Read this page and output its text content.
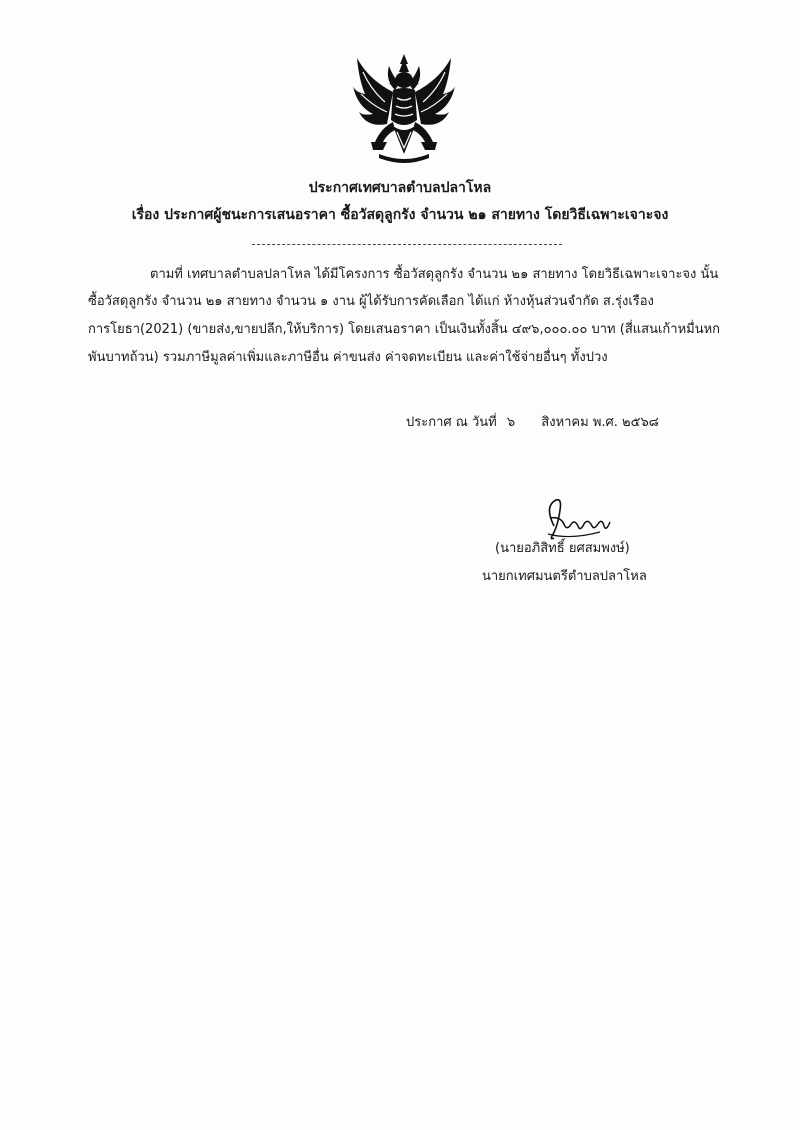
ประกาศเทศบาลตำบลปลาโหล
เรื่อง ประกาศผู้ชนะการเสนอราคา ซื้อวัสดุลูกรัง จำนวน ๒๑ สายทาง โดยวิธีเฉพาะเจาะจง
ตามที่ เทศบาลตำบลปลาโหล ได้มีโครงการ ซื้อวัสดุลูกรัง จำนวน ๒๑ สายทาง โดยวิธีเฉพาะเจาะจง นั้น
ซื้อวัสดุลูกรัง จำนวน ๒๑ สายทาง จำนวน ๑ งาน ผู้ได้รับการคัดเลือก ได้แก่ ห้างหุ้นส่วนจำกัด ส.รุ่งเรือง
การโยธา(2021) (ขายส่ง,ขายปลีก,ให้บริการ) โดยเสนอราคา เป็นเงินทั้งสิ้น ๔๙๖,๐๐๐.๐๐ บาท (สี่แสนเก้าหมื่นหก
พันบาทถ้วน) รวมภาษีมูลค่าเพิ่มและภาษีอื่น ค่าขนส่ง ค่าจดทะเบียน และค่าใช้จ่ายอื่นๆ ทั้งปวง
ประกาศ ณ วันที่ ๖ สิงหาคม พ.ศ. ๒๕๖๘
(นายอภิสิทธิ์ ยศสมพงษ์)
นายกเทศมนตรีตำบลปลาโหล
